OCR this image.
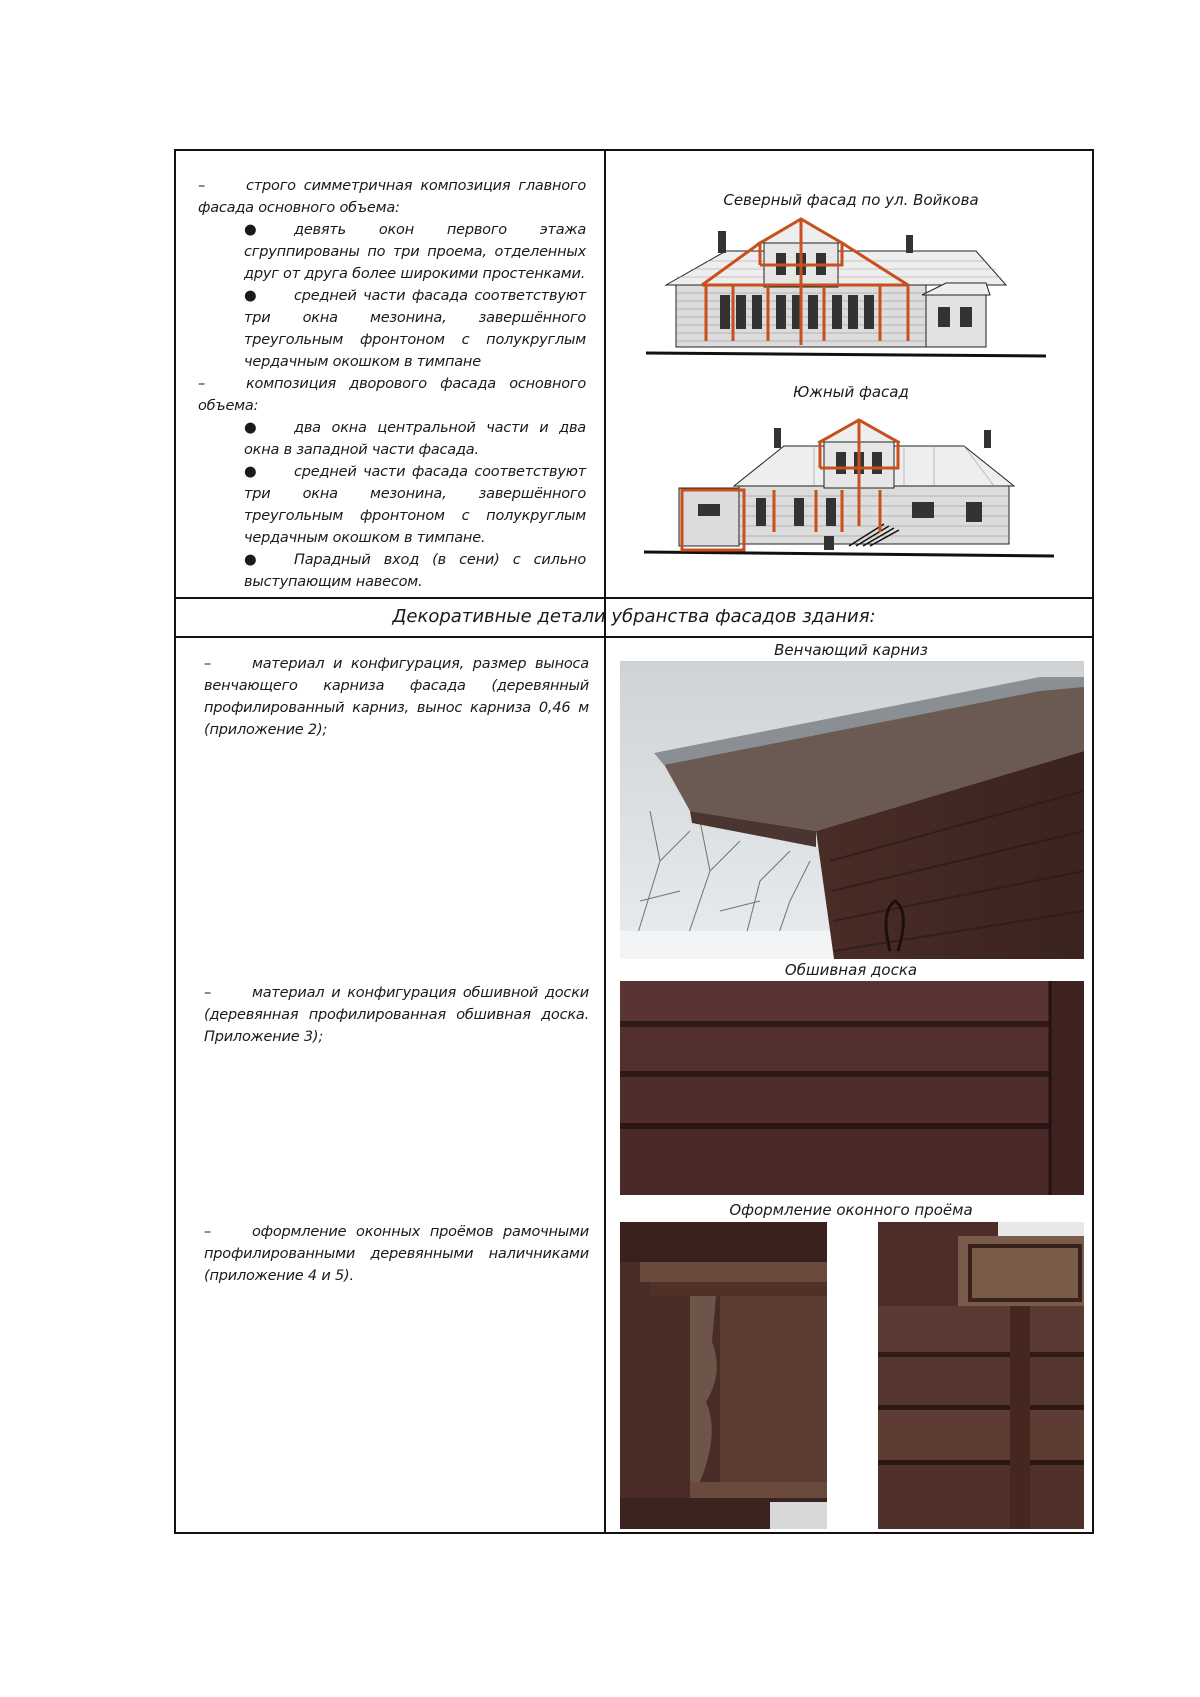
–	строго симметричная композиция главного фасада основного объема:

●	девять окон первого этажа сгруппированы по три проема, отделенных друг от друга более широкими простенками.

●	средней части фасада соответствуют три окна мезонина, завершённого треугольным фронтоном с полукруглым чердачным окошком в тимпане

–	композиция дворового фасада основного объема:

●	два окна центральной части и два окна в западной части фасада.

●	средней части фасада соответствуют три окна мезонина, завершённого треугольным фронтоном с полукруглым чердачным окошком в тимпане.

●	Парадный вход (в сени) с сильно выступающим навесом.

Северный фасад по ул. Войкова
Южный фасад
Декоративные детали убранства фасадов здания:

–	материал и конфигурация, размер выноса венчающего карниза фасада (деревянный профилированный карниз, вынос карниза 0,46 м (приложение 2);

Венчающий карниз

–	материал и конфигурация обшивной доски (деревянная профилированная обшивная доска. Приложение 3);

Обшивная доска

–	оформление оконных проёмов рамочными профилированными деревянными наличниками (приложение 4 и 5).

Оформление оконного проёма
